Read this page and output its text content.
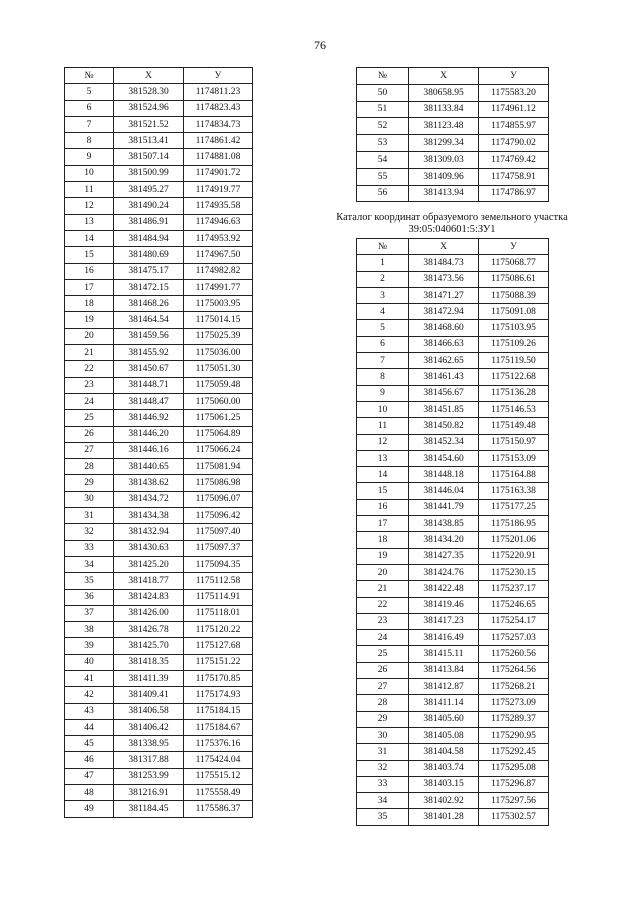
76
№	Х	У
5	381528.30	1174811.23
6	381524.96	1174823.43
7	381521.52	1174834.73
8	381513.41	1174861.42
9	381507.14	1174881.08
10	381500.99	1174901.72
11	381495.27	1174919.77
12	381490.24	1174935.58
13	381486.91	1174946.63
14	381484.94	1174953.92
15	381480.69	1174967.50
16	381475.17	1174982.82
17	381472.15	1174991.77
18	381468.26	1175003.95
19	381464.54	1175014.15
20	381459.56	1175025.39
21	381455.92	1175036.00
22	381450.67	1175051.30
23	381448.71	1175059.48
24	381448.47	1175060.00
25	381446.92	1175061.25
26	381446.20	1175064.89
27	381446.16	1175066.24
28	381440.65	1175081.94
29	381438.62	1175086.98
30	381434.72	1175096.07
31	381434.38	1175096.42
32	381432.94	1175097.40
33	381430.63	1175097.37
34	381425.20	1175094.35
35	381418.77	1175112.58
36	381424.83	1175114.91
37	381426.00	1175118.01
38	381426.78	1175120.22
39	381425.70	1175127.68
40	381418.35	1175151.22
41	381411.39	1175170.85
42	381409.41	1175174.93
43	381406.58	1175184.15
44	381406.42	1175184.67
45	381338.95	1175376.16
46	381317.88	1175424.04
47	381253.99	1175515.12
48	381216.91	1175558.49
49	381184.45	1175586.37
№	Х	У
50	380658.95	1175583.20
51	381133.84	1174961.12
52	381123.48	1174855.97
53	381299.34	1174790.02
54	381309.03	1174769.42
55	381409.96	1174758.91
56	381413.94	1174786.97
Каталог координат образуемого земельного участка
39:05:040601:5:ЗУ1
№	Х	У
1	381484.73	1175068.77
2	381473.56	1175086.61
3	381471.27	1175088.39
4	381472.94	1175091.08
5	381468.60	1175103.95
6	381466.63	1175109.26
7	381462.65	1175119.50
8	381461.43	1175122.68
9	381456.67	1175136.28
10	381451.85	1175146.53
11	381450.82	1175149.48
12	381452.34	1175150.97
13	381454.60	1175153.09
14	381448.18	1175164.88
15	381446.04	1175163.38
16	381441.79	1175177.25
17	381438.85	1175186.95
18	381434.20	1175201.06
19	381427.35	1175220.91
20	381424.76	1175230.15
21	381422.48	1175237.17
22	381419.46	1175246.65
23	381417.23	1175254.17
24	381416.49	1175257.03
25	381415.11	1175260.56
26	381413.84	1175264.56
27	381412.87	1175268.21
28	381411.14	1175273.09
29	381405.60	1175289.37
30	381405.08	1175290.95
31	381404.58	1175292.45
32	381403.74	1175295.08
33	381403.15	1175296.87
34	381402.92	1175297.56
35	381401.28	1175302.57
